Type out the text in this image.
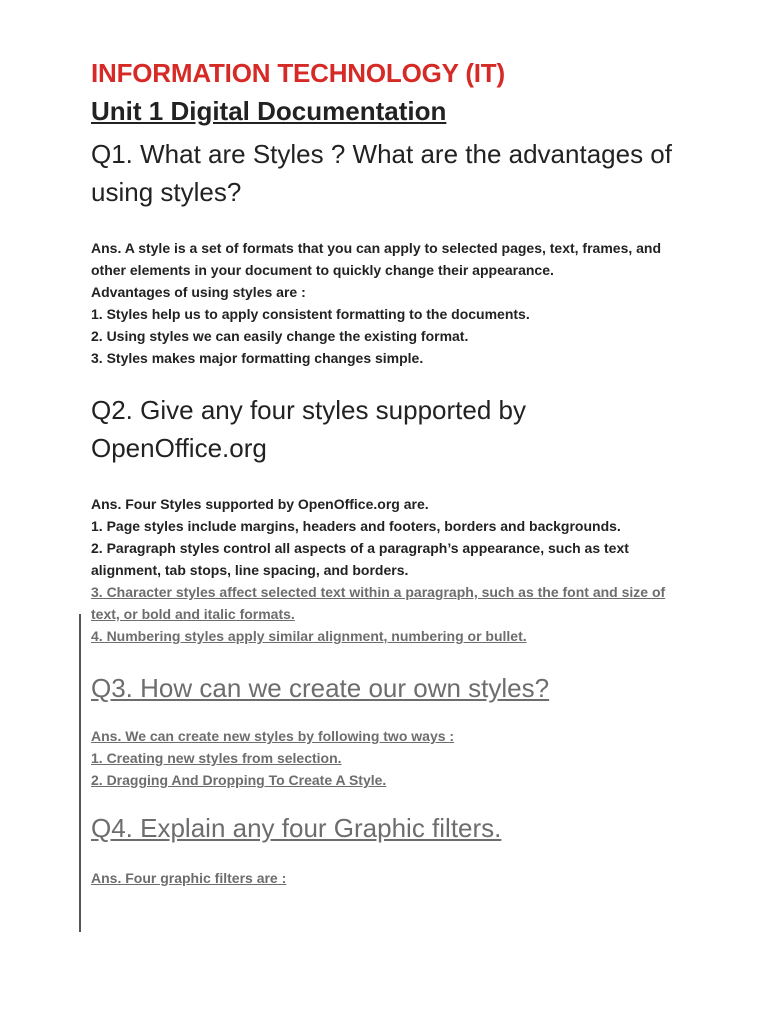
INFORMATION TECHNOLOGY (IT)
Unit 1 Digital Documentation

Q1. What are Styles ? What are the advantages of using styles?

Ans. A style is a set of formats that you can apply to selected pages, text, frames, and other elements in your document to quickly change their appearance.
Advantages of using styles are :
1. Styles help us to apply consistent formatting to the documents.
2. Using styles we can easily change the existing format.
3. Styles makes major formatting changes simple.

Q2. Give any four styles supported by OpenOffice.org

Ans. Four Styles supported by OpenOffice.org are.
1. Page styles include margins, headers and footers, borders and backgrounds.
2. Paragraph styles control all aspects of a paragraph’s appearance, such as text alignment, tab stops, line spacing, and borders.
3. Character styles affect selected text within a paragraph, such as the font and size of text, or bold and italic formats.
4. Numbering styles apply similar alignment, numbering or bullet.

Q3. How can we create our own styles?

Ans. We can create new styles by following two ways :
1. Creating new styles from selection.
2. Dragging And Dropping To Create A Style.

Q4. Explain any four Graphic filters.

Ans. Four graphic filters are :
